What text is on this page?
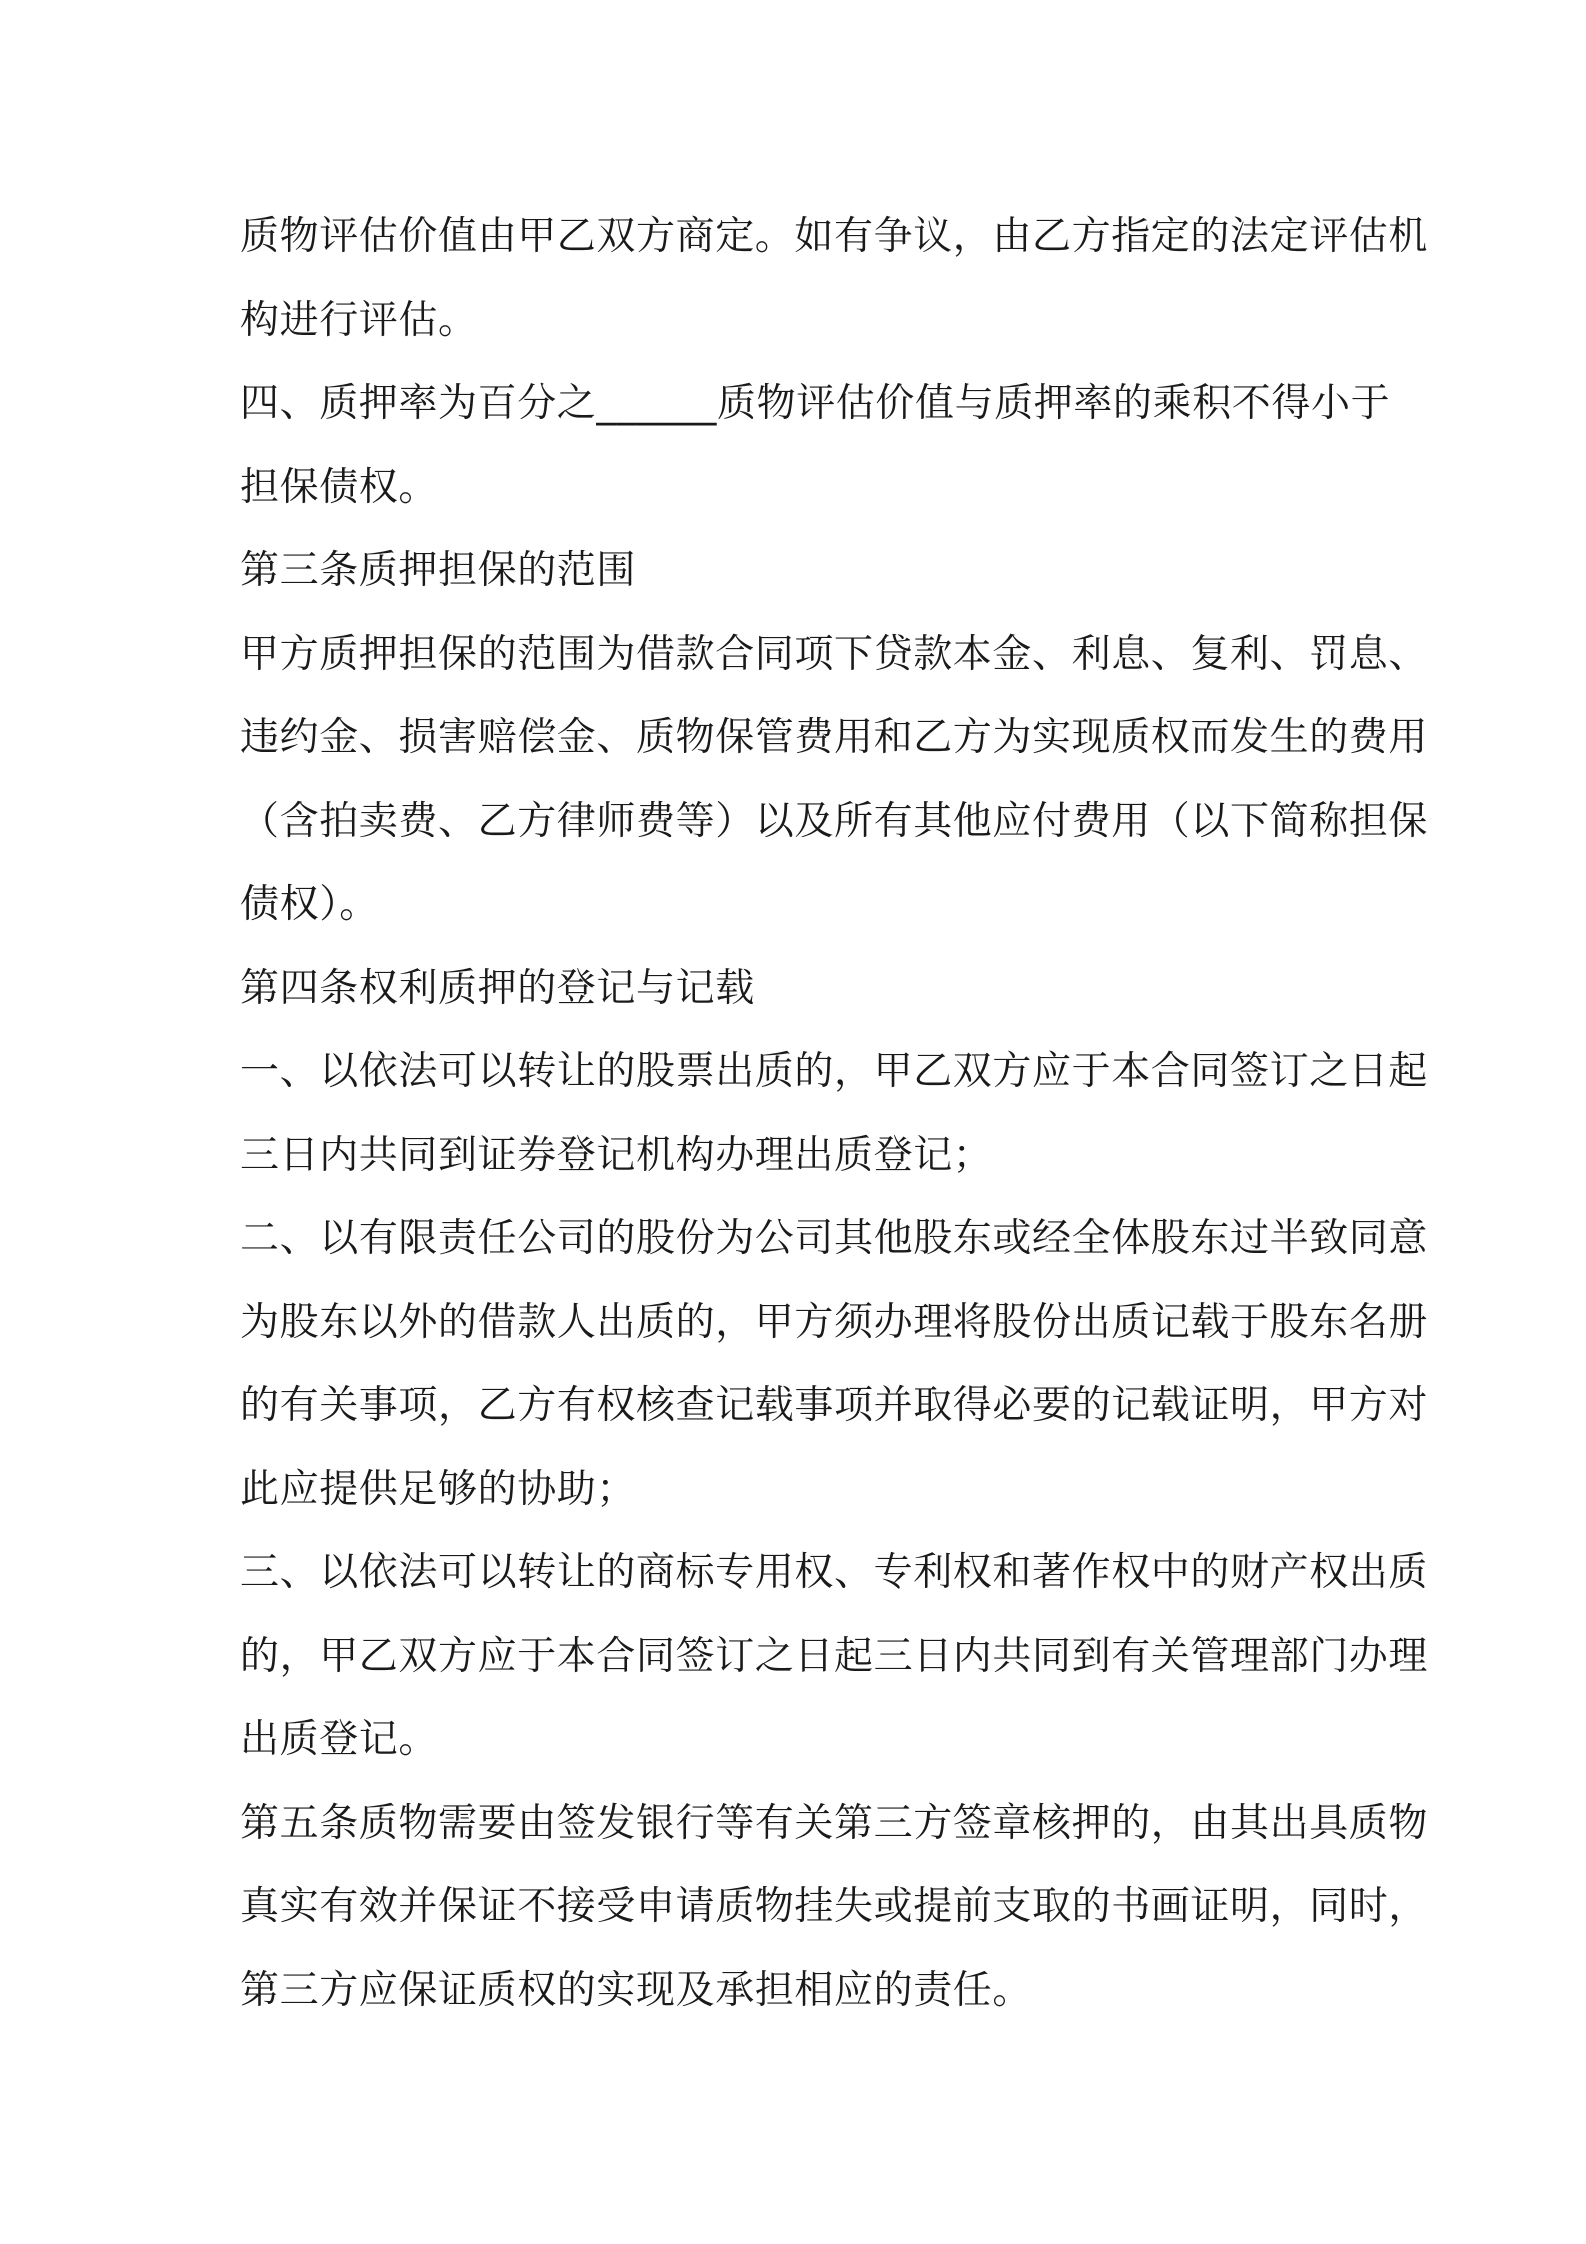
质物评估价值由甲乙双方商定。如有争议，由乙方指定的法定评估机
构进行评估。
四、质押率为百分之______质物评估价值与质押率的乘积不得小于
担保债权。
第三条质押担保的范围
甲方质押担保的范围为借款合同项下贷款本金、利息、复利、罚息、
违约金、损害赔偿金、质物保管费用和乙方为实现质权而发生的费用
（含拍卖费、乙方律师费等）以及所有其他应付费用（以下简称担保
债权）。
第四条权利质押的登记与记载
一、以依法可以转让的股票出质的，甲乙双方应于本合同签订之日起
三日内共同到证券登记机构办理出质登记；
二、以有限责任公司的股份为公司其他股东或经全体股东过半致同意
为股东以外的借款人出质的，甲方须办理将股份出质记载于股东名册
的有关事项，乙方有权核查记载事项并取得必要的记载证明，甲方对
此应提供足够的协助；
三、以依法可以转让的商标专用权、专利权和著作权中的财产权出质
的，甲乙双方应于本合同签订之日起三日内共同到有关管理部门办理
出质登记。
第五条质物需要由签发银行等有关第三方签章核押的，由其出具质物
真实有效并保证不接受申请质物挂失或提前支取的书画证明，同时，
第三方应保证质权的实现及承担相应的责任。
